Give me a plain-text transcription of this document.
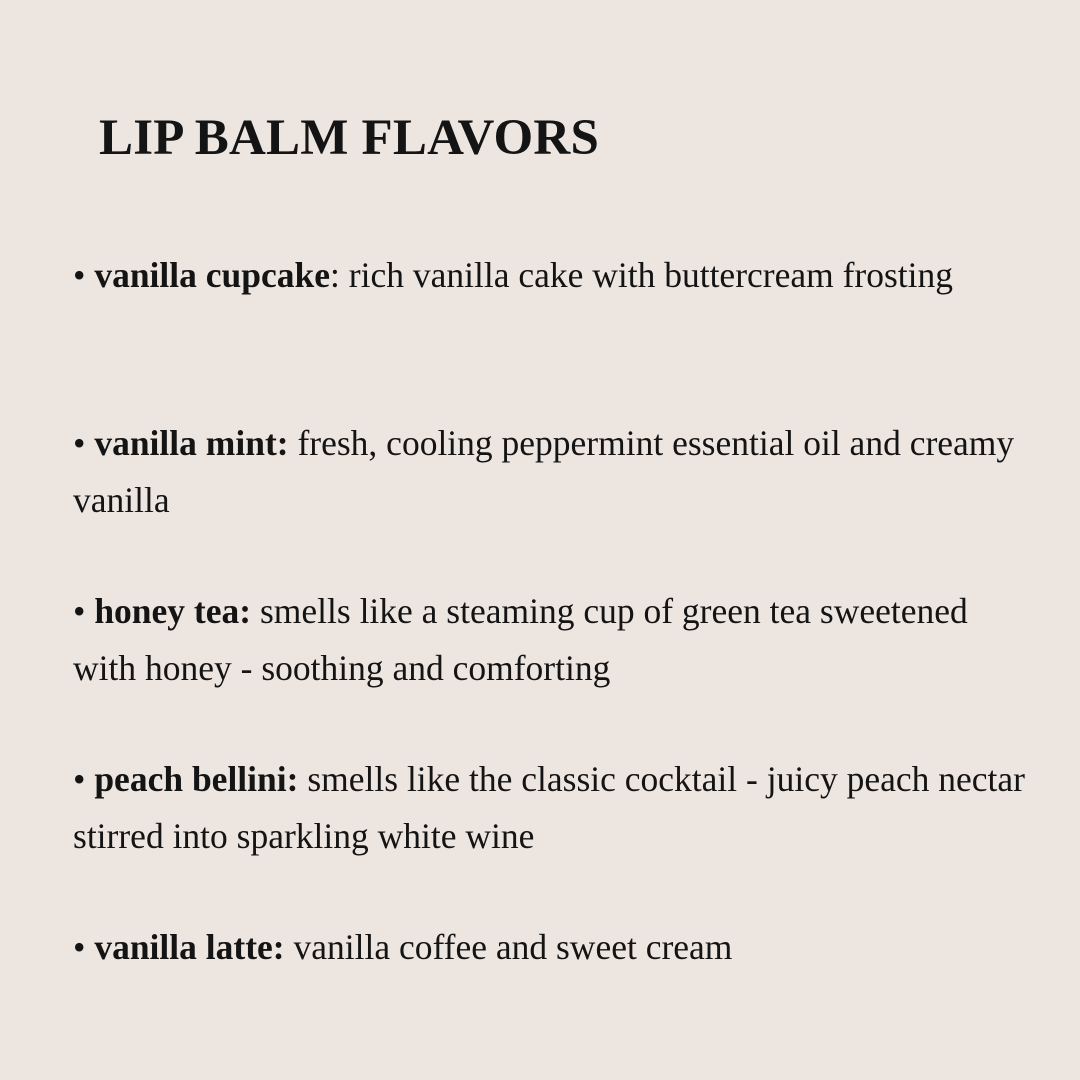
LIP BALM FLAVORS
• vanilla cupcake: rich vanilla cake with buttercream frosting
• vanilla mint: fresh, cooling peppermint essential oil and creamy vanilla
• honey tea: smells like a steaming cup of green tea sweetened with honey - soothing and comforting
• peach bellini: smells like the classic cocktail - juicy peach nectar stirred into sparkling white wine
• vanilla latte: vanilla coffee and sweet cream
